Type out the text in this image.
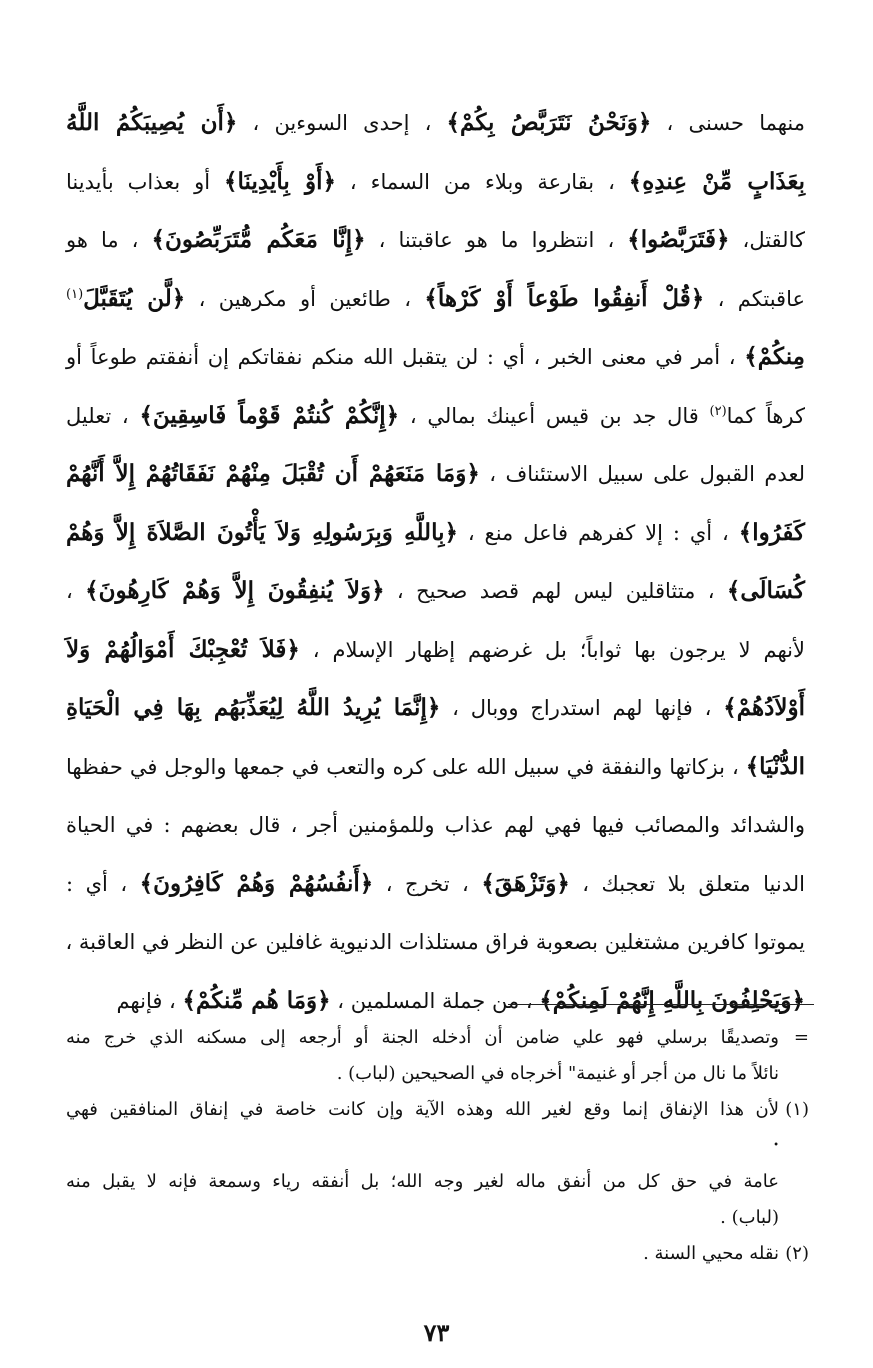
منهما حسنى ، ﴿وَنَحْنُ نَتَرَبَّصُ بِكُمْ﴾ ، إحدى السوءين ، ﴿أَن يُصِيبَكُمُ اللَّهُ
بِعَذَابٍ مِّنْ عِندِهِ﴾ ، بقارعة وبلاء من السماء ، ﴿أَوْ بِأَيْدِينَا﴾ أو بعذاب بأيدينا
كالقتل، ﴿فَتَرَبَّصُوا﴾ ، انتظروا ما هو عاقبتنا ، ﴿إِنَّا مَعَكُم مُّتَرَبِّصُونَ﴾ ، ما هو
عاقبتكم ، ﴿قُلْ أَنفِقُوا طَوْعاً أَوْ كَرْهاً﴾ ، طائعين أو مكرهين ، ﴿لَّن يُتَقَبَّلَ$^{(١)}$
مِنكُمْ﴾ ، أمر في معنى الخبر ، أي : لن يتقبل الله منكم نفقاتكم إن أنفقتم طوعاً أو
كرهاً كما$^{(٢)}$ قال جد بن قيس أعينك بمالي ، ﴿إِنَّكُمْ كُنتُمْ قَوْماً فَاسِقِينَ﴾ ، تعليل
لعدم القبول على سبيل الاستئناف ، ﴿وَمَا مَنَعَهُمْ أَن تُقْبَلَ مِنْهُمْ نَفَقَاتُهُمْ إِلاَّ أَنَّهُمْ
كَفَرُوا﴾ ، أي : إلا كفرهم فاعل منع ، ﴿بِاللَّهِ وَبِرَسُولِهِ وَلاَ يَأْتُونَ الصَّلاَةَ إِلاَّ وَهُمْ
كُسَالَى﴾ ، متثاقلين ليس لهم قصد صحيح ، ﴿وَلاَ يُنفِقُونَ إِلاَّ وَهُمْ كَارِهُونَ﴾ ،
لأنهم لا يرجون بها ثواباً؛ بل غرضهم إظهار الإسلام ، ﴿فَلاَ تُعْجِبْكَ أَمْوَالُهُمْ وَلاَ
أَوْلاَدُهُمْ﴾ ، فإنها لهم استدراج ووبال ، ﴿إِنَّمَا يُرِيدُ اللَّهُ لِيُعَذِّبَهُم بِهَا فِي الْحَيَاةِ
الدُّنْيَا﴾ ، بزكاتها والنفقة في سبيل الله على كره والتعب في جمعها والوجل في حفظها
والشدائد والمصائب فيها فهي لهم عذاب وللمؤمنين أجر ، قال بعضهم : في الحياة
الدنيا متعلق بلا تعجبك ، ﴿وَتَزْهَقَ﴾ ، تخرج ، ﴿أَنفُسُهُمْ وَهُمْ كَافِرُونَ﴾ ، أي :
يموتوا كافرين مشتغلين بصعوبة فراق مستلذات الدنيوية غافلين عن النظر في العاقبة ،
﴿وَيَحْلِفُونَ بِاللَّهِ إِنَّهُمْ لَمِنكُمْ﴾ ، من جملة المسلمين ، ﴿وَمَا هُم مِّنكُمْ﴾ ، فإنهم
=
وتصديقًا برسلي فهو علي ضامن أن أدخله الجنة أو أرجعه إلى مسكنه الذي خرج منه
نائلاً ما نال من أجر أو غنيمة" أخرجاه في الصحيحين (لباب) .
(١)
لأن هذا الإنفاق إنما وقع لغير الله وهذه الآية وإن كانت خاصة في إنفاق المنافقين فهي
•
عامة في حق كل من أنفق ماله لغير وجه الله؛ بل أنفقه رياء وسمعة فإنه لا يقبل منه
(لباب) .
(٢)
نقله محيي السنة .
٧٣
